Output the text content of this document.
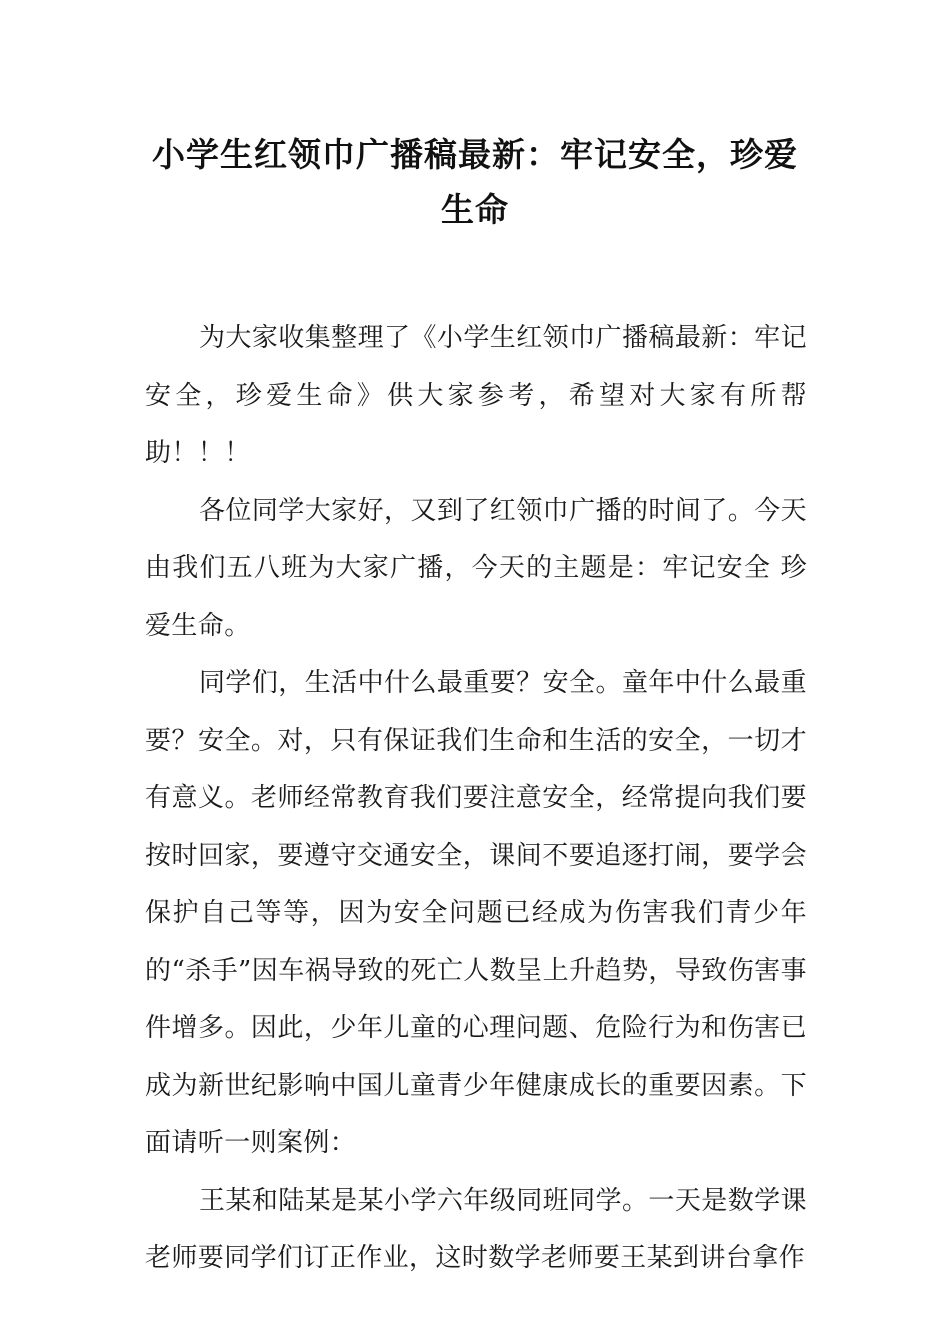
小学生红领巾广播稿最新：牢记安全，珍爱生命

为大家收集整理了《小学生红领巾广播稿最新：牢记安全，珍爱生命》供大家参考，希望对大家有所帮助！！！

各位同学大家好，又到了红领巾广播的时间了。今天由我们五八班为大家广播，今天的主题是：牢记安全 珍爱生命。

同学们，生活中什么最重要？安全。童年中什么最重要？安全。对，只有保证我们生命和生活的安全，一切才有意义。老师经常教育我们要注意安全，经常提向我们要按时回家，要遵守交通安全，课间不要追逐打闹，要学会保护自己等等，因为安全问题已经成为伤害我们青少年的“杀手”因车祸导致的死亡人数呈上升趋势，导致伤害事件增多。因此，少年儿童的心理问题、危险行为和伤害已成为新世纪影响中国儿童青少年健康成长的重要因素。下面请听一则案例：

王某和陆某是某小学六年级同班同学。一天是数学课老师要同学们订正作业，这时数学老师要王某到讲台拿作
